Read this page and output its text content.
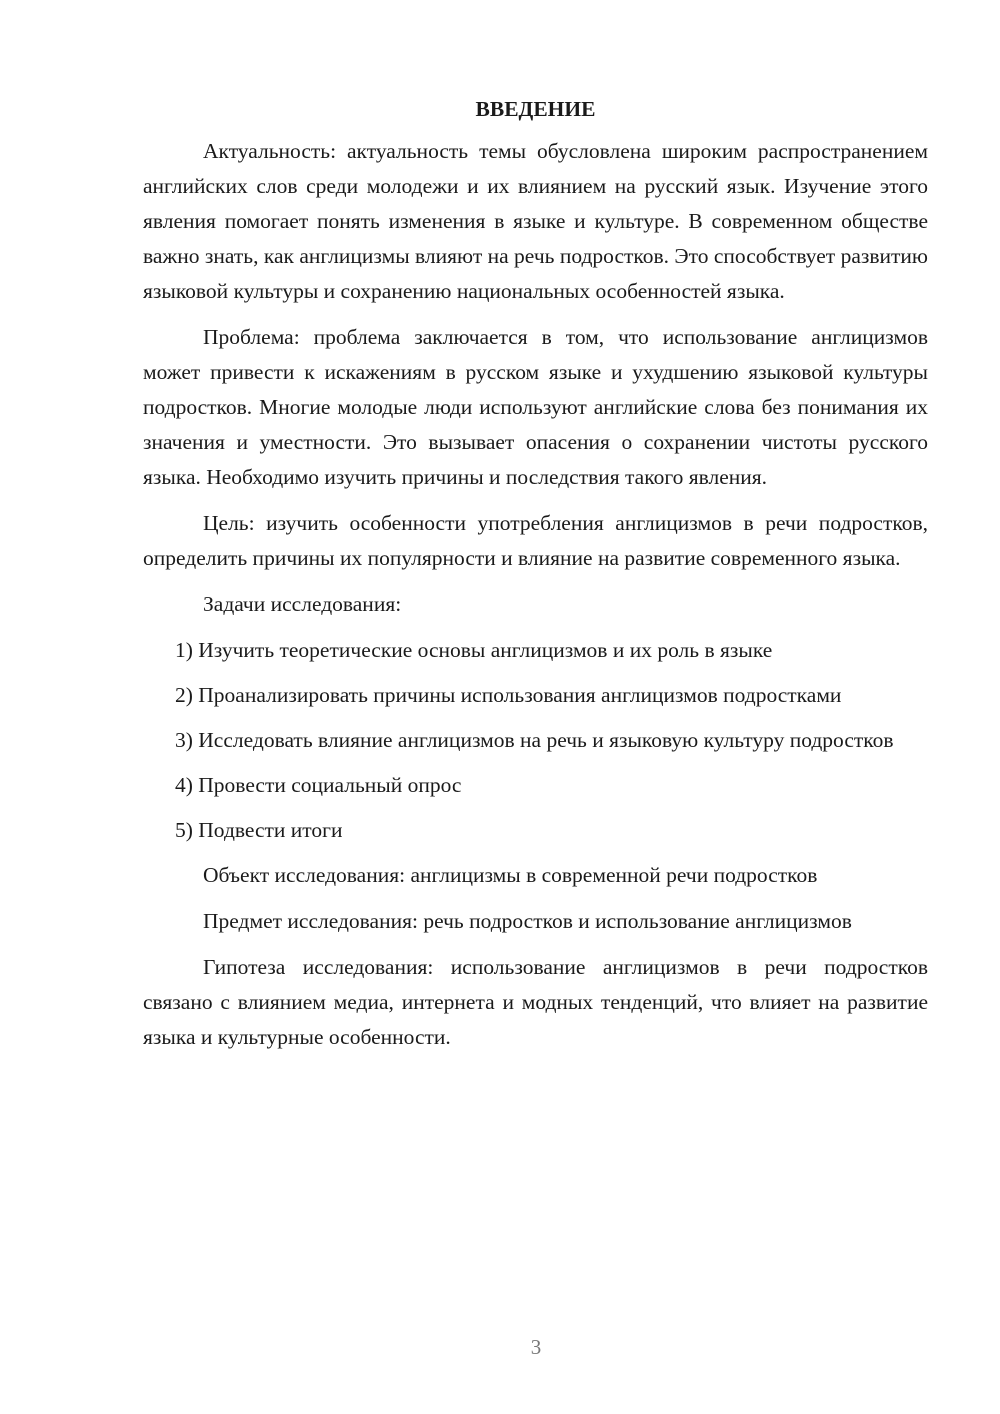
ВВЕДЕНИЕ

Актуальность: актуальность темы обусловлена широким распространением английских слов среди молодежи и их влиянием на русский язык. Изучение этого явления помогает понять изменения в языке и культуре. В современном обществе важно знать, как англицизмы влияют на речь подростков. Это способствует развитию языковой культуры и сохранению национальных особенностей языка.

Проблема: проблема заключается в том, что использование англицизмов может привести к искажениям в русском языке и ухудшению языковой культуры подростков. Многие молодые люди используют английские слова без понимания их значения и уместности. Это вызывает опасения о сохранении чистоты русского языка. Необходимо изучить причины и последствия такого явления.

Цель: изучить особенности употребления англицизмов в речи подростков, определить причины их популярности и влияние на развитие современного языка.

Задачи исследования:

1) Изучить теоретические основы англицизмов и их роль в языке

2) Проанализировать причины использования англицизмов подростками

3) Исследовать влияние англицизмов на речь и языковую культуру подростков

4) Провести социальный опрос

5) Подвести итоги

Объект исследования: англицизмы в современной речи подростков

Предмет исследования: речь подростков и использование англицизмов

Гипотеза исследования: использование англицизмов в речи подростков связано с влиянием медиа, интернета и модных тенденций, что влияет на развитие языка и культурные особенности.

3
